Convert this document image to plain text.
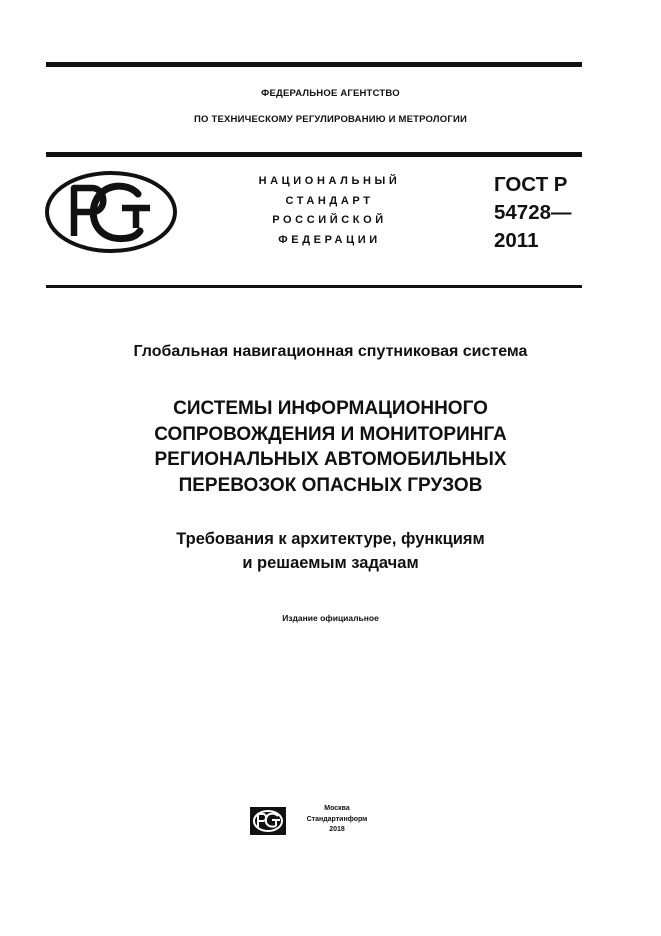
ФЕДЕРАЛЬНОЕ АГЕНТСТВО
ПО ТЕХНИЧЕСКОМУ РЕГУЛИРОВАНИЮ И МЕТРОЛОГИИ
НАЦИОНАЛЬНЫЙ
СТАНДАРТ
РОССИЙСКОЙ
ФЕДЕРАЦИИ
ГОСТ Р
54728—
2011
Глобальная навигационная спутниковая система
СИСТЕМЫ ИНФОРМАЦИОННОГО
СОПРОВОЖДЕНИЯ И МОНИТОРИНГА
РЕГИОНАЛЬНЫХ АВТОМОБИЛЬНЫХ
ПЕРЕВОЗОК ОПАСНЫХ ГРУЗОВ
Требования к архитектуре, функциям
и решаемым задачам
Издание официальное
Москва
Стандартинформ
2018
